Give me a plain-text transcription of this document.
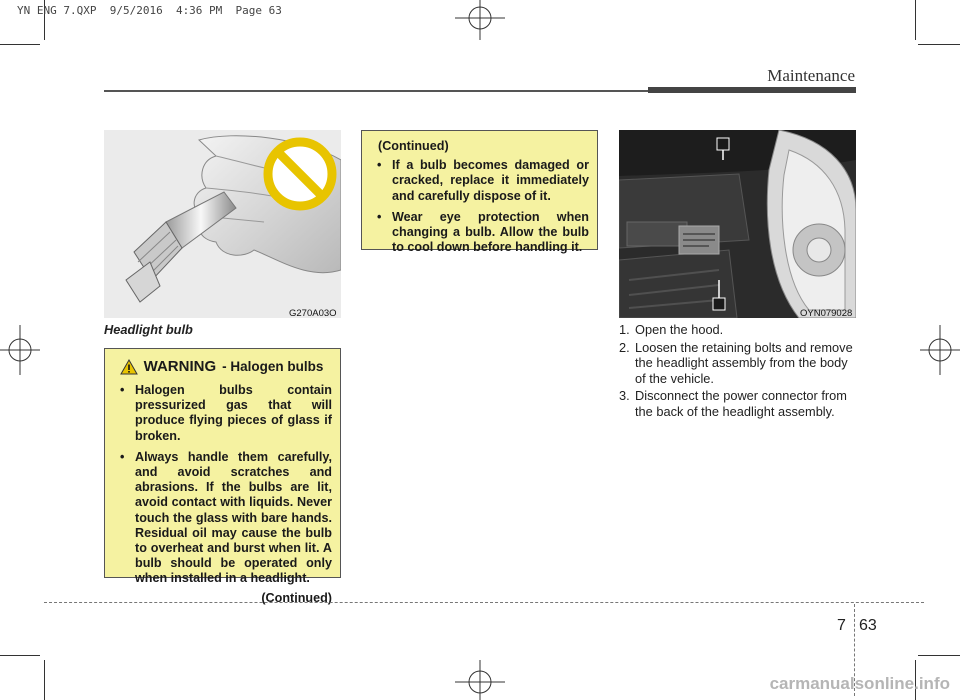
YN ENG 7.QXP  9/5/2016  4:36 PM  Page 63
Maintenance
G270A03O
Headlight bulb
OYN079028
WARNING - Halogen bulbs
• Halogen bulbs contain pressurized gas that will produce flying pieces of glass if broken.
• Always handle them carefully, and avoid scratches and abrasions. If the bulbs are lit, avoid contact with liquids. Never touch the glass with bare hands. Residual oil may cause the bulb to overheat and burst when lit. A bulb should be operated only when installed in a headlight.
(Continued)
(Continued)
• If a bulb becomes damaged or cracked, replace it immediately and carefully dispose of it.
• Wear eye protection when changing a bulb. Allow the bulb to cool down before handling it.
1. Open the hood.
2. Loosen the retaining bolts and remove the headlight assembly from the body of the vehicle.
3. Disconnect the power connector from the back of the headlight assembly.
7 63
carmanualsonline.info
